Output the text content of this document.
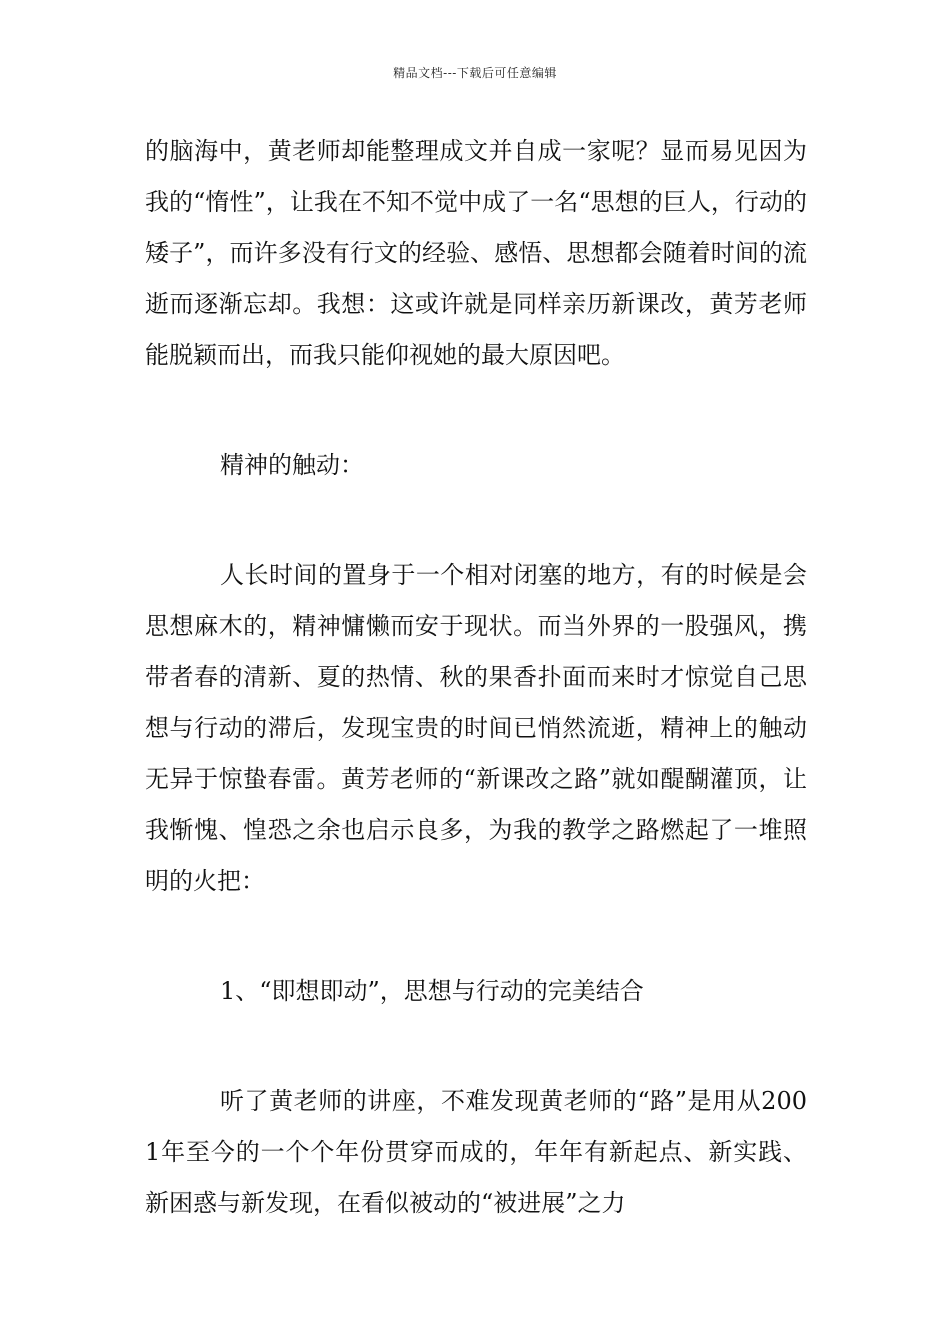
精品文档---下载后可任意编辑

的脑海中，黄老师却能整理成文并自成一家呢？显而易见因为我的“惰性”，让我在不知不觉中成了一名“思想的巨人，行动的矮子”，而许多没有行文的经验、感悟、思想都会随着时间的流逝而逐渐忘却。我想：这或许就是同样亲历新课改，黄芳老师能脱颖而出，而我只能仰视她的最大原因吧。

精神的触动：

人长时间的置身于一个相对闭塞的地方，有的时候是会思想麻木的，精神慵懒而安于现状。而当外界的一股强风，携带者春的清新、夏的热情、秋的果香扑面而来时才惊觉自己思想与行动的滞后，发现宝贵的时间已悄然流逝，精神上的触动无异于惊蛰春雷。黄芳老师的“新课改之路”就如醍醐灌顶，让我惭愧、惶恐之余也启示良多，为我的教学之路燃起了一堆照明的火把：

1、“即想即动”，思想与行动的完美结合

听了黄老师的讲座，不难发现黄老师的“路”是用从2001年至今的一个个年份贯穿而成的，年年有新起点、新实践、新困惑与新发现，在看似被动的“被进展”之力
